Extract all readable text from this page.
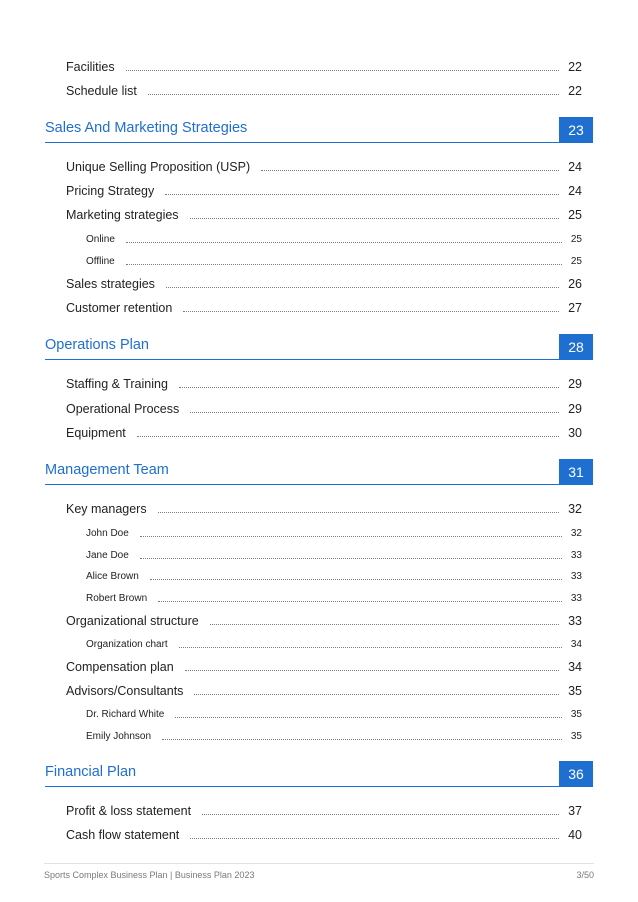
Facilities	22
Schedule list	22
Sales And Marketing Strategies	23
Unique Selling Proposition (USP)	24
Pricing Strategy	24
Marketing strategies	25
Online	25
Offline	25
Sales strategies	26
Customer retention	27
Operations Plan	28
Staffing & Training	29
Operational Process	29
Equipment	30
Management Team	31
Key managers	32
John Doe	32
Jane Doe	33
Alice Brown	33
Robert Brown	33
Organizational structure	33
Organization chart	34
Compensation plan	34
Advisors/Consultants	35
Dr. Richard White	35
Emily Johnson	35
Financial Plan	36
Profit & loss statement	37
Cash flow statement	40
Sports Complex Business Plan | Business Plan 2023	3/50
